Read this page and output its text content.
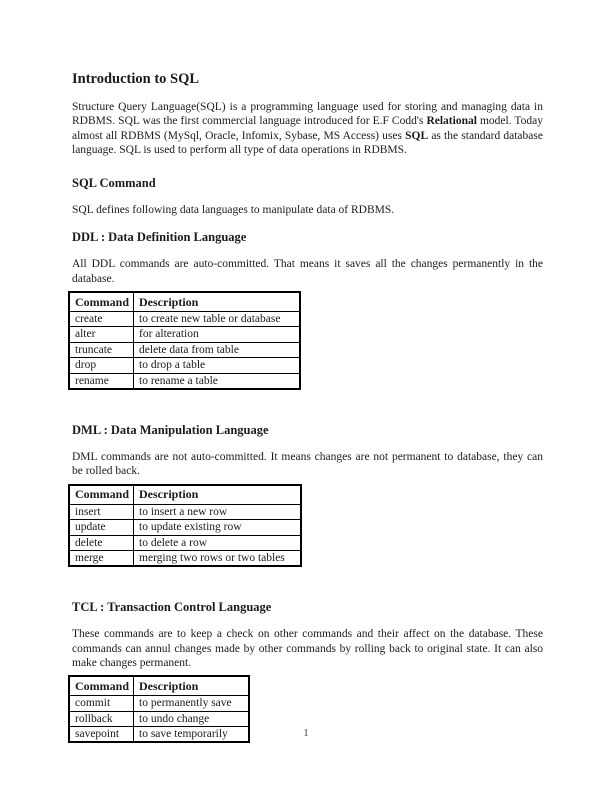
Introduction to SQL

Structure Query Language(SQL) is a programming language used for storing and managing data in RDBMS. SQL was the first commercial language introduced for E.F Codd's Relational model. Today almost all RDBMS (MySql, Oracle, Infomix, Sybase, MS Access) uses SQL as the standard database language. SQL is used to perform all type of data operations in RDBMS.

SQL Command

SQL defines following data languages to manipulate data of RDBMS.

DDL : Data Definition Language

All DDL commands are auto-committed. That means it saves all the changes permanently in the database.

Command	Description
create	to create new table or database
alter	for alteration
truncate	delete data from table
drop	to drop a table
rename	to rename a table
DML : Data Manipulation Language

DML commands are not auto-committed. It means changes are not permanent to database, they can be rolled back.

Command	Description
insert	to insert a new row
update	to update existing row
delete	to delete a row
merge	merging two rows or two tables
TCL : Transaction Control Language

These commands are to keep a check on other commands and their affect on the database. These commands can annul changes made by other commands by rolling back to original state. It can also make changes permanent.

Command	Description
commit	to permanently save
rollback	to undo change
savepoint	to save temporarily	1
